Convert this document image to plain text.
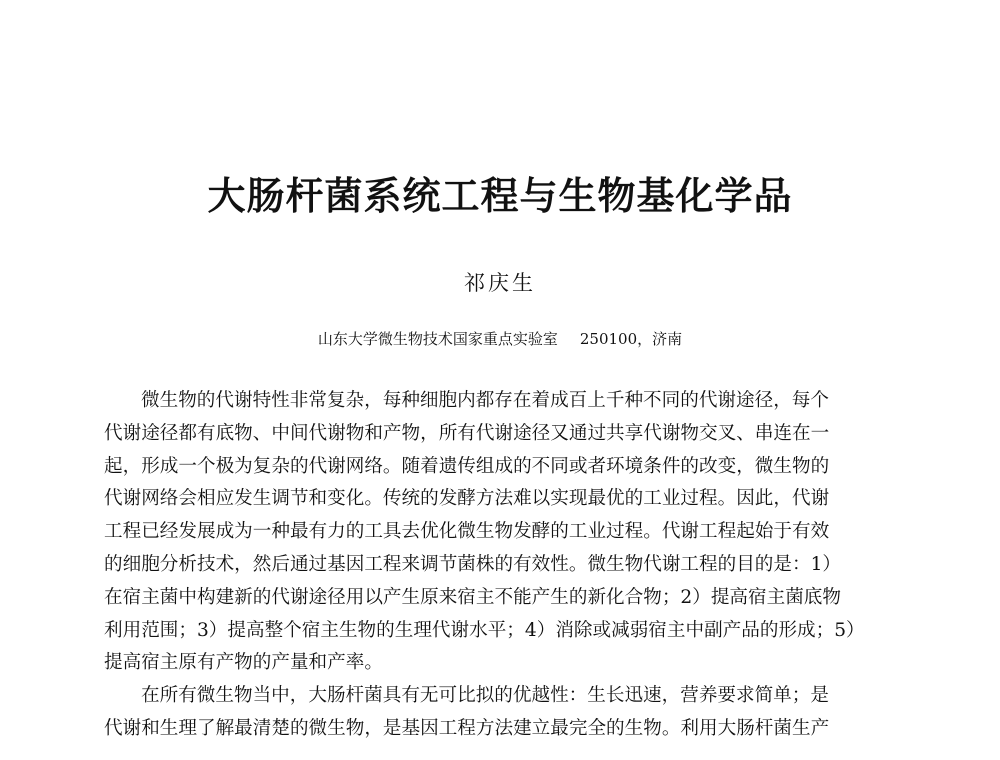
大肠杆菌系统工程与生物基化学品
祁庆生
山东大学微生物技术国家重点实验室 250100，济南
微生物的代谢特性非常复杂，每种细胞内都存在着成百上千种不同的代谢途径，每个
代谢途径都有底物、中间代谢物和产物，所有代谢途径又通过共享代谢物交叉、串连在一
起，形成一个极为复杂的代谢网络。随着遗传组成的不同或者环境条件的改变，微生物的
代谢网络会相应发生调节和变化。传统的发酵方法难以实现最优的工业过程。因此，代谢
工程已经发展成为一种最有力的工具去优化微生物发酵的工业过程。代谢工程起始于有效
的细胞分析技术，然后通过基因工程来调节菌株的有效性。微生物代谢工程的目的是：1）
在宿主菌中构建新的代谢途径用以产生原来宿主不能产生的新化合物；2）提高宿主菌底物
利用范围；3）提高整个宿主生物的生理代谢水平；4）消除或减弱宿主中副产品的形成；5）
提高宿主原有产物的产量和产率。
在所有微生物当中，大肠杆菌具有无可比拟的优越性：生长迅速，营养要求简单；是
代谢和生理了解最清楚的微生物，是基因工程方法建立最完全的生物。利用大肠杆菌生产
